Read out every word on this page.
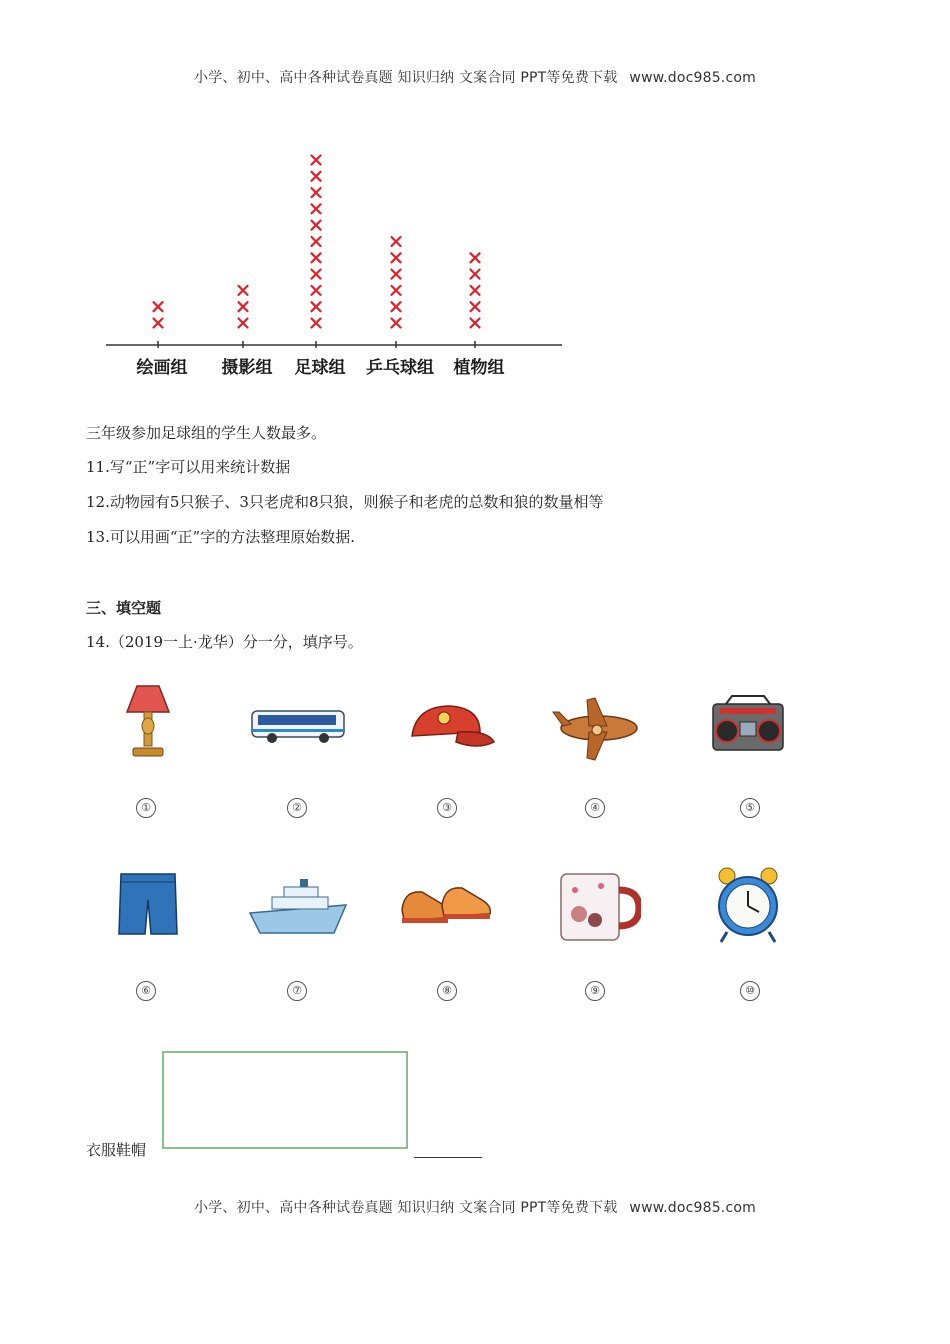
小学、初中、高中各种试卷真题 知识归纳 文案合同 PPT等免费下载 www.doc985.com
绘画组 摄影组 足球组 乒乓球组 植物组
三年级参加足球组的学生人数最多。
11.写“正”字可以用来统计数据
12.动物园有5只猴子、3只老虎和8只狼，则猴子和老虎的总数和狼的数量相等
13.可以用画“正”字的方法整理原始数据.
三、填空题
14.（2019一上·龙华）分一分，填序号。
①	②	③	④	⑤
⑥	⑦	⑧	⑨	⑩
衣服鞋帽
小学、初中、高中各种试卷真题 知识归纳 文案合同 PPT等免费下载 www.doc985.com
